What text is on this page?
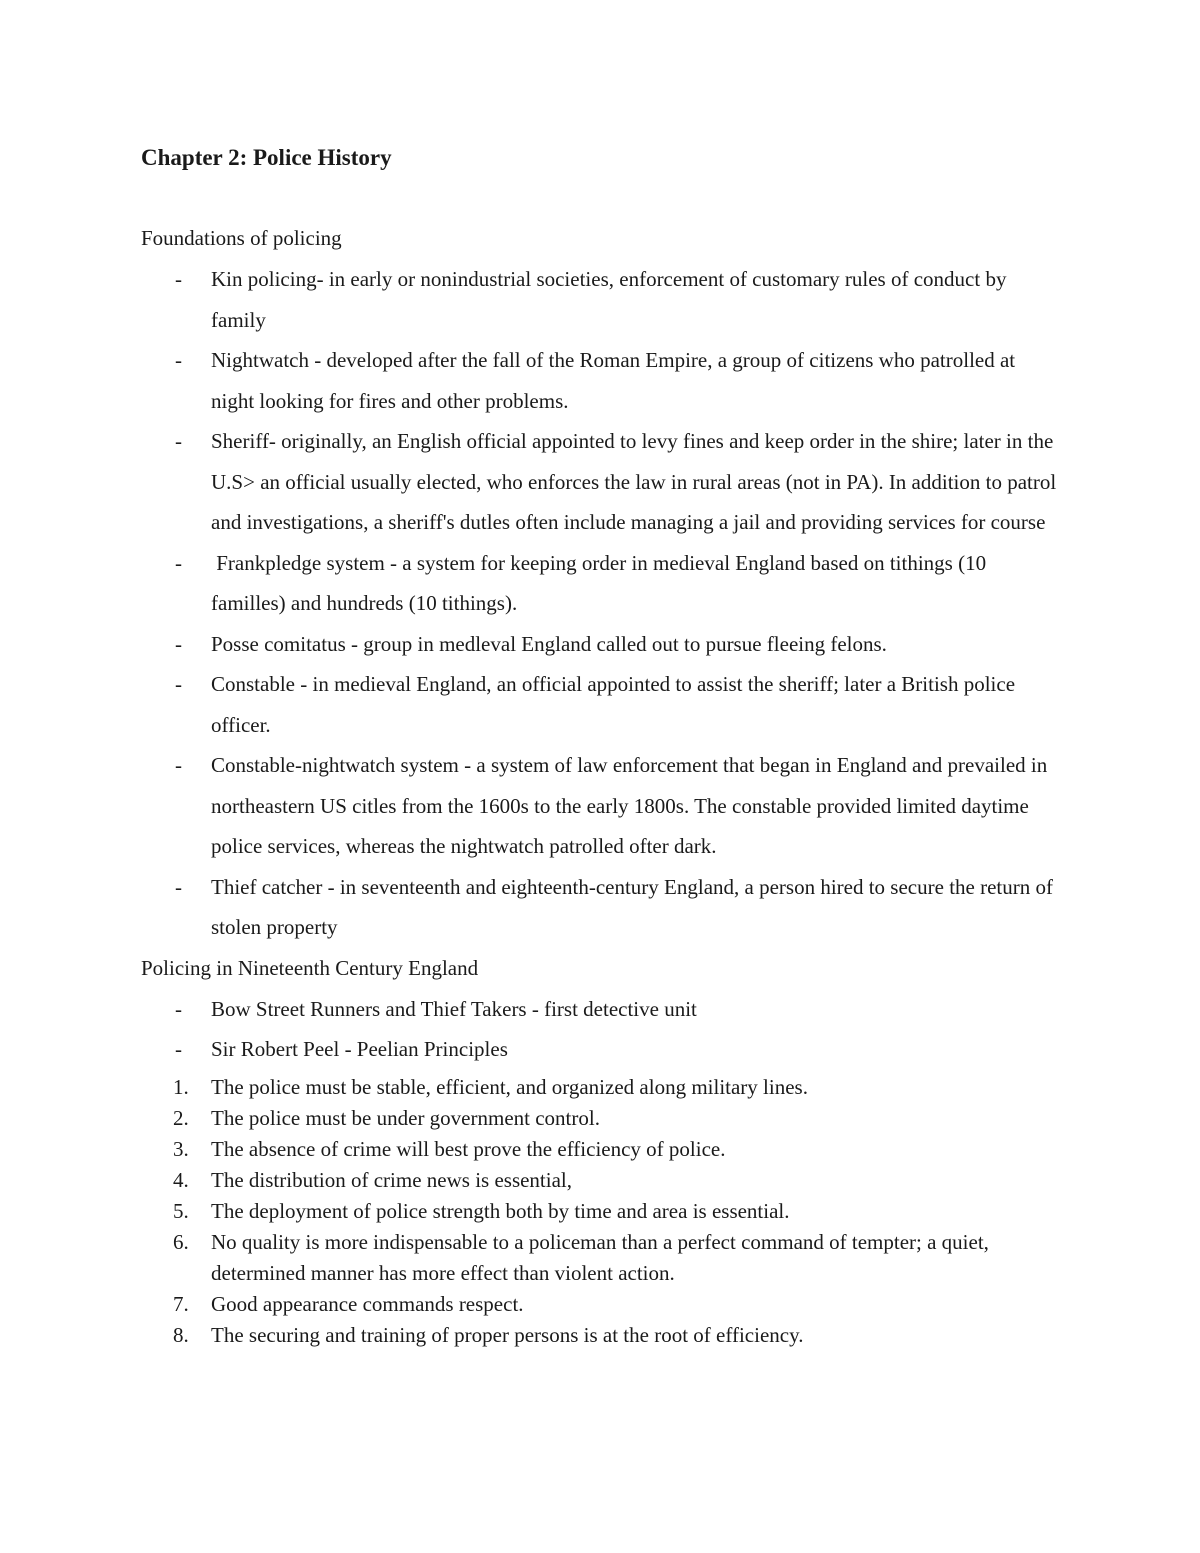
Chapter 2: Police History

Foundations of policing

- Kin policing- in early or nonindustrial societies, enforcement of customary rules of conduct by family
- Nightwatch - developed after the fall of the Roman Empire, a group of citizens who patrolled at night looking for fires and other problems.
- Sheriff- originally, an English official appointed to levy fines and keep order in the shire; later in the U.S> an official usually elected, who enforces the law in rural areas (not in PA). In addition to patrol and investigations, a sheriff's dutles often include managing a jail and providing services for course
- Frankpledge system - a system for keeping order in medieval England based on tithings (10 familles) and hundreds (10 tithings).
- Posse comitatus - group in medleval England called out to pursue fleeing felons.
- Constable - in medieval England, an official appointed to assist the sheriff; later a British police officer.
- Constable-nightwatch system - a system of law enforcement that began in England and prevailed in northeastern US citles from the 1600s to the early 1800s. The constable provided limited daytime police services, whereas the nightwatch patrolled ofter dark.
- Thief catcher - in seventeenth and eighteenth-century England, a person hired to secure the return of stolen property

Policing in Nineteenth Century England

- Bow Street Runners and Thief Takers - first detective unit
- Sir Robert Peel - Peelian Principles
1. The police must be stable, efficient, and organized along military lines.
2. The police must be under government control.
3. The absence of crime will best prove the efficiency of police.
4. The distribution of crime news is essential,
5. The deployment of police strength both by time and area is essential.
6. No quality is more indispensable to a policeman than a perfect command of tempter; a quiet, determined manner has more effect than violent action.
7. Good appearance commands respect.
8. The securing and training of proper persons is at the root of efficiency.
